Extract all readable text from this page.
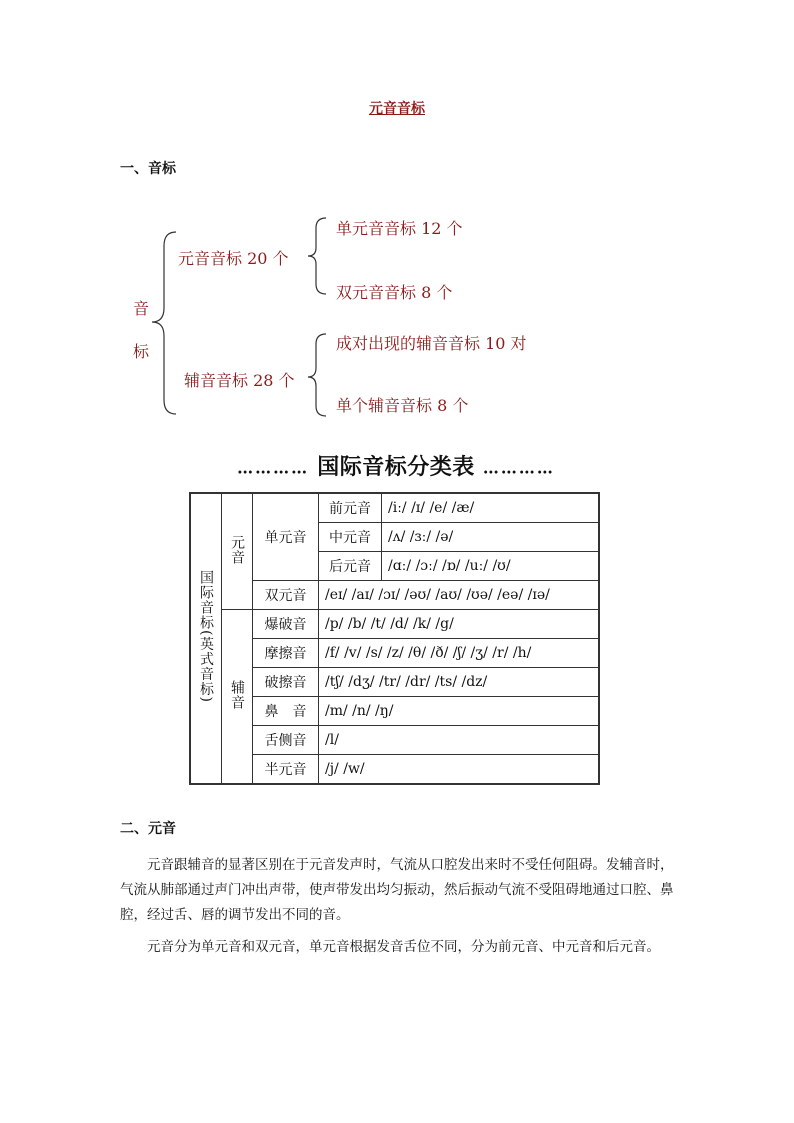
元音音标
一、音标
音
标
元音音标 20 个
单元音音标 12 个
双元音音标 8 个
辅音音标 28 个
成对出现的辅音音标 10 对
单个辅音音标 8 个
………… 国际音标分类表 …………
国际音标(英式音标)	元音	单元音	前元音	/iː/ /ɪ/ /e/ /æ/
			中元音	/ʌ/ /ɜː/ /ə/
			后元音	/ɑː/ /ɔː/ /ɒ/ /uː/ /ʊ/
		双元音	/eɪ/ /aɪ/ /ɔɪ/ /əʊ/ /aʊ/ /ʊə/ /eə/ /ɪə/	
	辅音	爆破音	/p/ /b/ /t/ /d/ /k/ /g/	
		摩擦音	/f/ /v/ /s/ /z/ /θ/ /ð/ /ʃ/ /ʒ/ /r/ /h/	
		破擦音	/tʃ/ /dʒ/ /tr/ /dr/ /ts/ /dz/	
		鼻　音	/m/ /n/ /ŋ/	
		舌侧音	/l/	
		半元音	/j/ /w/	
二、元音
元音跟辅音的显著区别在于元音发声时，气流从口腔发出来时不受任何阻碍。发辅音时，气流从肺部通过声门冲出声带，使声带发出均匀振动，然后振动气流不受阻碍地通过口腔、鼻腔，经过舌、唇的调节发出不同的音。
元音分为单元音和双元音，单元音根据发音舌位不同，分为前元音、中元音和后元音。
